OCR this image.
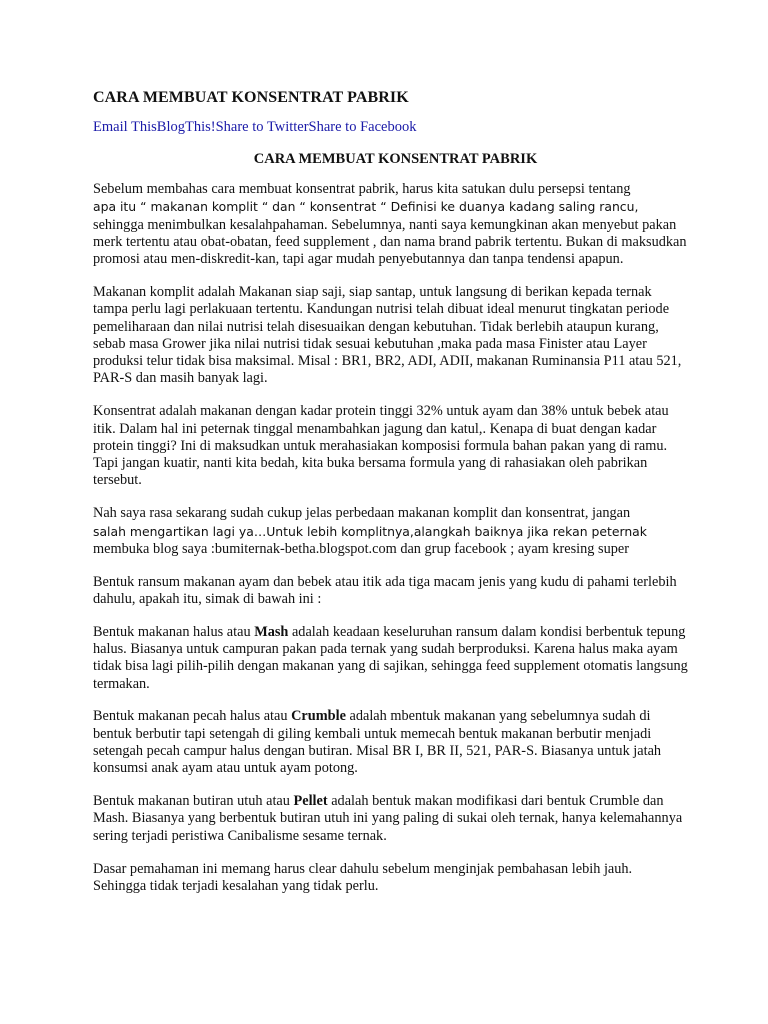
CARA MEMBUAT KONSENTRAT PABRIK
Email ThisBlogThis!Share to TwitterShare to Facebook
CARA MEMBUAT KONSENTRAT PABRIK

Sebelum membahas cara membuat konsentrat pabrik, harus kita satukan dulu persepsi tentang
apa itu “ makanan komplit “ dan “ konsentrat “ Definisi ke duanya kadang saling rancu,
sehingga menimbulkan kesalahpahaman. Sebelumnya, nanti saya kemungkinan akan menyebut pakan merk tertentu atau obat-obatan, feed supplement , dan nama brand pabrik tertentu. Bukan di maksudkan promosi atau men-diskredit-kan, tapi agar mudah penyebutannya dan tanpa tendensi apapun.

Makanan komplit adalah Makanan siap saji, siap santap, untuk langsung di berikan kepada ternak tampa perlu lagi perlakuaan tertentu. Kandungan nutrisi telah dibuat ideal menurut tingkatan periode pemeliharaan dan nilai nutrisi telah disesuaikan dengan kebutuhan. Tidak berlebih ataupun kurang, sebab masa Grower jika nilai nutrisi tidak sesuai kebutuhan ,maka pada masa Finister atau Layer produksi telur tidak bisa maksimal. Misal : BR1, BR2, ADI, ADII, makanan Ruminansia P11 atau 521, PAR-S dan masih banyak lagi.

Konsentrat adalah makanan dengan kadar protein tinggi 32% untuk ayam dan 38% untuk bebek atau itik. Dalam hal ini peternak tinggal menambahkan jagung dan katul,. Kenapa di buat dengan kadar protein tinggi? Ini di maksudkan untuk merahasiakan komposisi formula bahan pakan yang di ramu. Tapi jangan kuatir, nanti kita bedah, kita buka bersama formula yang di rahasiakan oleh pabrikan tersebut.

Nah saya rasa sekarang sudah cukup jelas perbedaan makanan komplit dan konsentrat, jangan
salah mengartikan lagi ya…Untuk lebih komplitnya,alangkah baiknya jika rekan peternak
membuka blog saya :bumiternak-betha.blogspot.com dan grup facebook ; ayam kresing super

Bentuk ransum makanan ayam dan bebek atau itik ada tiga macam jenis yang kudu di pahami terlebih dahulu, apakah itu, simak di bawah ini :

Bentuk makanan halus atau Mash adalah keadaan keseluruhan ransum dalam kondisi berbentuk tepung halus. Biasanya untuk campuran pakan pada ternak yang sudah berproduksi. Karena halus maka ayam tidak bisa lagi pilih-pilih dengan makanan yang di sajikan, sehingga feed supplement otomatis langsung termakan.

Bentuk makanan pecah halus atau Crumble adalah mbentuk makanan yang sebelumnya sudah di bentuk berbutir tapi setengah di giling kembali untuk memecah bentuk makanan berbutir menjadi setengah pecah campur halus dengan butiran. Misal BR I, BR II, 521, PAR-S. Biasanya untuk jatah konsumsi anak ayam atau untuk ayam potong.

Bentuk makanan butiran utuh atau Pellet adalah bentuk makan modifikasi dari bentuk Crumble dan Mash. Biasanya yang berbentuk butiran utuh ini yang paling di sukai oleh ternak, hanya kelemahannya sering terjadi peristiwa Canibalisme sesame ternak.

Dasar pemahaman ini memang harus clear dahulu sebelum menginjak pembahasan lebih jauh. Sehingga tidak terjadi kesalahan yang tidak perlu.
